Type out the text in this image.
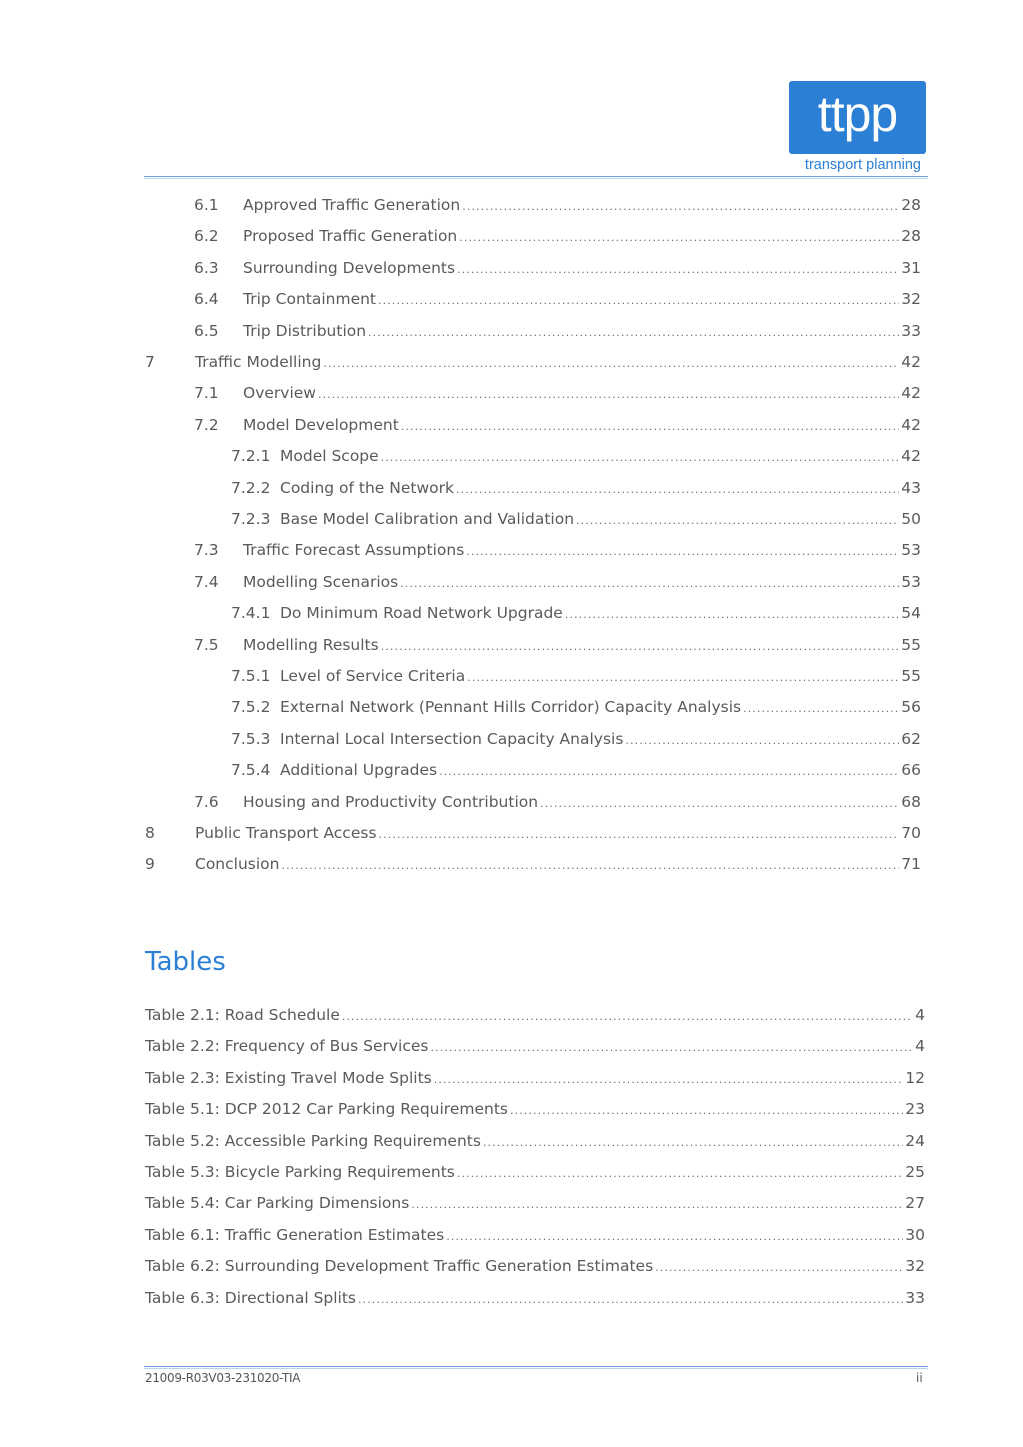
ttpp
transport planning
6.1	Approved Traffic Generation .....	28
6.2	Proposed Traffic Generation .....	28
6.3	Surrounding Developments .....	31
6.4	Trip Containment .....	32
6.5	Trip Distribution .....	33
7	Traffic Modelling .....	42
7.1	Overview .....	42
7.2	Model Development .....	42
7.2.1 Model Scope .....	42
7.2.2 Coding of the Network .....	43
7.2.3 Base Model Calibration and Validation .....	50
7.3	Traffic Forecast Assumptions .....	53
7.4	Modelling Scenarios .....	53
7.4.1 Do Minimum Road Network Upgrade .....	54
7.5	Modelling Results .....	55
7.5.1 Level of Service Criteria .....	55
7.5.2 External Network (Pennant Hills Corridor) Capacity Analysis .....	56
7.5.3 Internal Local Intersection Capacity Analysis .....	62
7.5.4 Additional Upgrades .....	66
7.6	Housing and Productivity Contribution .....	68
8	Public Transport Access .....	70
9	Conclusion .....	71
Tables
Table 2.1: Road Schedule .....	4
Table 2.2: Frequency of Bus Services .....	4
Table 2.3: Existing Travel Mode Splits .....	12
Table 5.1: DCP 2012 Car Parking Requirements .....	23
Table 5.2: Accessible Parking Requirements .....	24
Table 5.3: Bicycle Parking Requirements .....	25
Table 5.4: Car Parking Dimensions .....	27
Table 6.1: Traffic Generation Estimates .....	30
Table 6.2: Surrounding Development Traffic Generation Estimates .....	32
Table 6.3: Directional Splits .....	33
21009-R03V03-231020-TIA	ii
